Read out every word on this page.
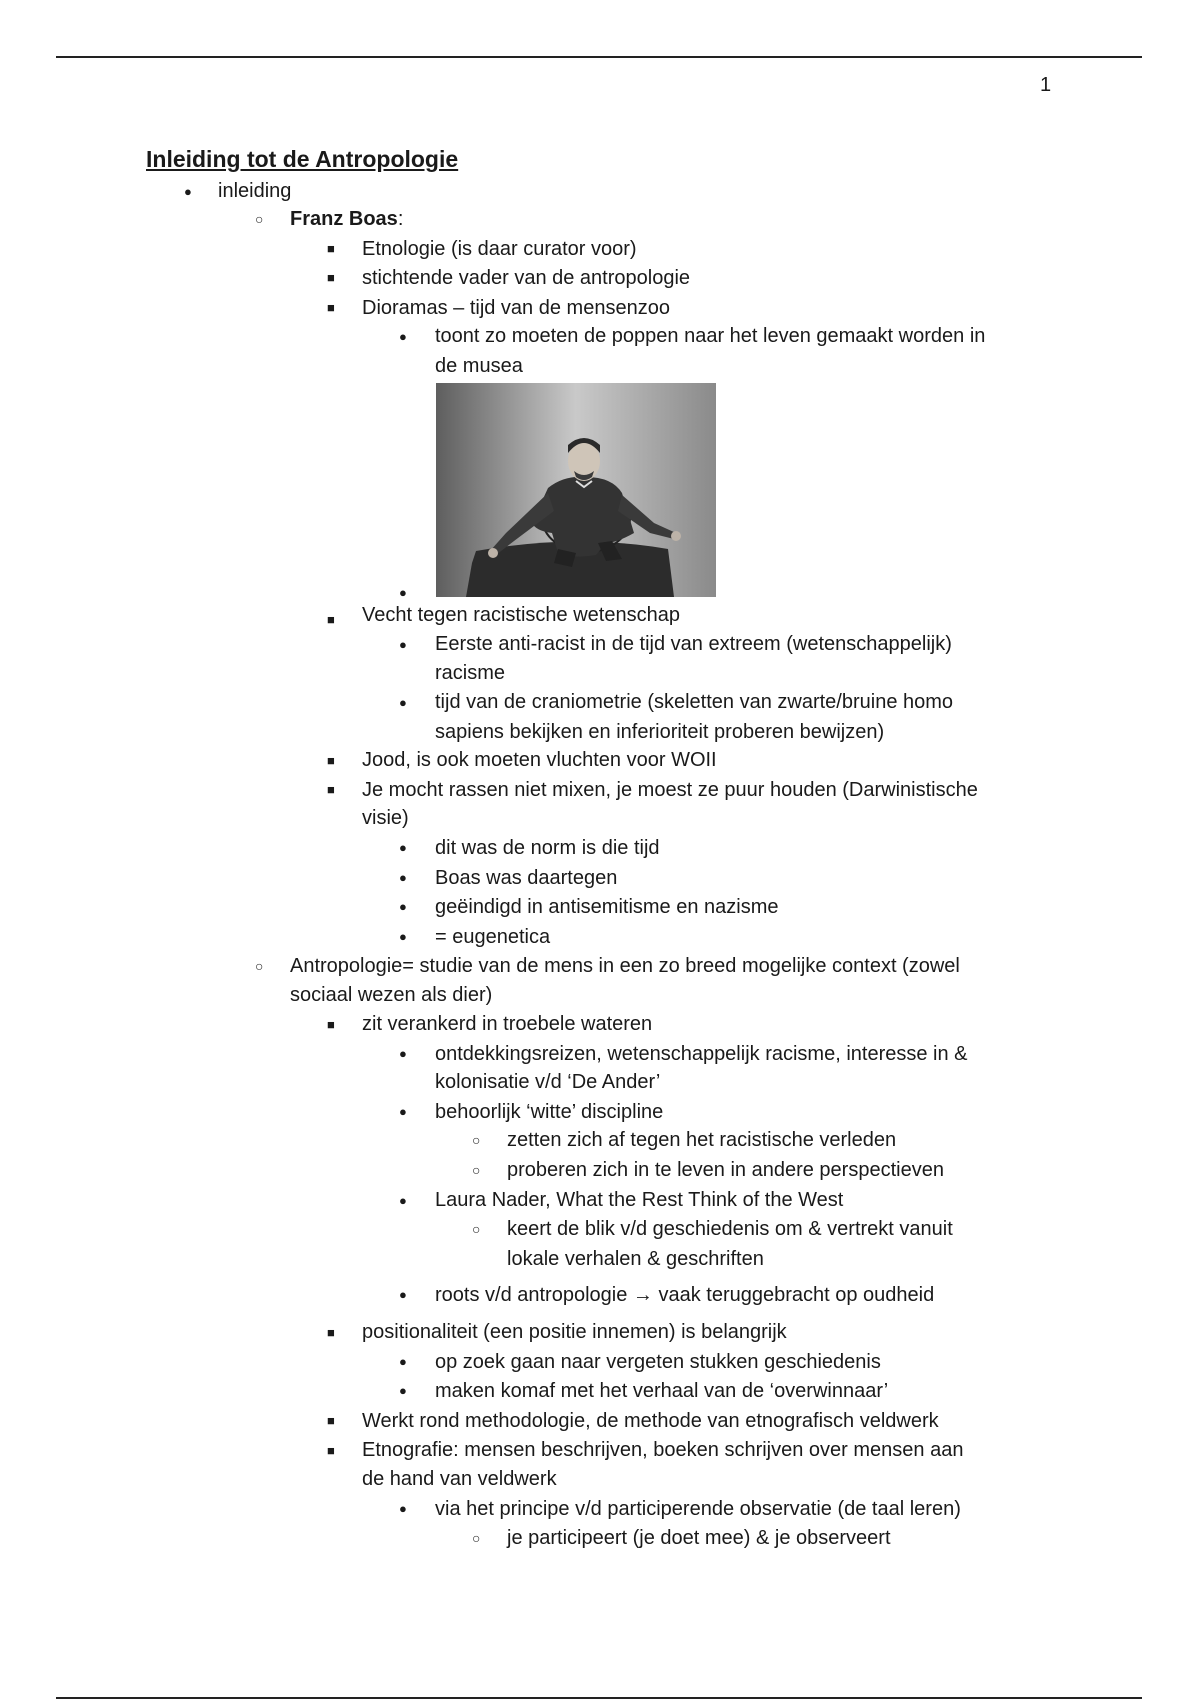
1
Inleiding tot de Antropologie
●
inleiding
○
Franz Boas:
■
Etnologie (is daar curator voor)
■
stichtende vader van de antropologie
■
Dioramas – tijd van de mensenzoo
●
toont zo moeten de poppen naar het leven gemaakt worden in
de musea
●
■
Vecht tegen racistische wetenschap
●
Eerste anti-racist in de tijd van extreem (wetenschappelijk)
racisme
●
tijd van de craniometrie (skeletten van zwarte/bruine homo
sapiens bekijken en inferioriteit proberen bewijzen)
■
Jood, is ook moeten vluchten voor WOII
■
Je mocht rassen niet mixen, je moest ze puur houden (Darwinistische
visie)
●
dit was de norm is die tijd
●
Boas was daartegen
●
geëindigd in antisemitisme en nazisme
●
= eugenetica
○
Antropologie= studie van de mens in een zo breed mogelijke context (zowel
sociaal wezen als dier)
■
zit verankerd in troebele wateren
●
ontdekkingsreizen, wetenschappelijk racisme, interesse in &
kolonisatie v/d ‘De Ander’
●
behoorlijk ‘witte’ discipline
○
zetten zich af tegen het racistische verleden
○
proberen zich in te leven in andere perspectieven
●
Laura Nader, What the Rest Think of the West
○
keert de blik v/d geschiedenis om & vertrekt vanuit
lokale verhalen & geschriften
●
roots v/d antropologie → vaak teruggebracht op oudheid
■
positionaliteit (een positie innemen) is belangrijk
●
op zoek gaan naar vergeten stukken geschiedenis
●
maken komaf met het verhaal van de ‘overwinnaar’
■
Werkt rond methodologie, de methode van etnografisch veldwerk
■
Etnografie: mensen beschrijven, boeken schrijven over mensen aan
de hand van veldwerk
●
via het principe v/d participerende observatie (de taal leren)
○
je participeert (je doet mee) & je observeert
